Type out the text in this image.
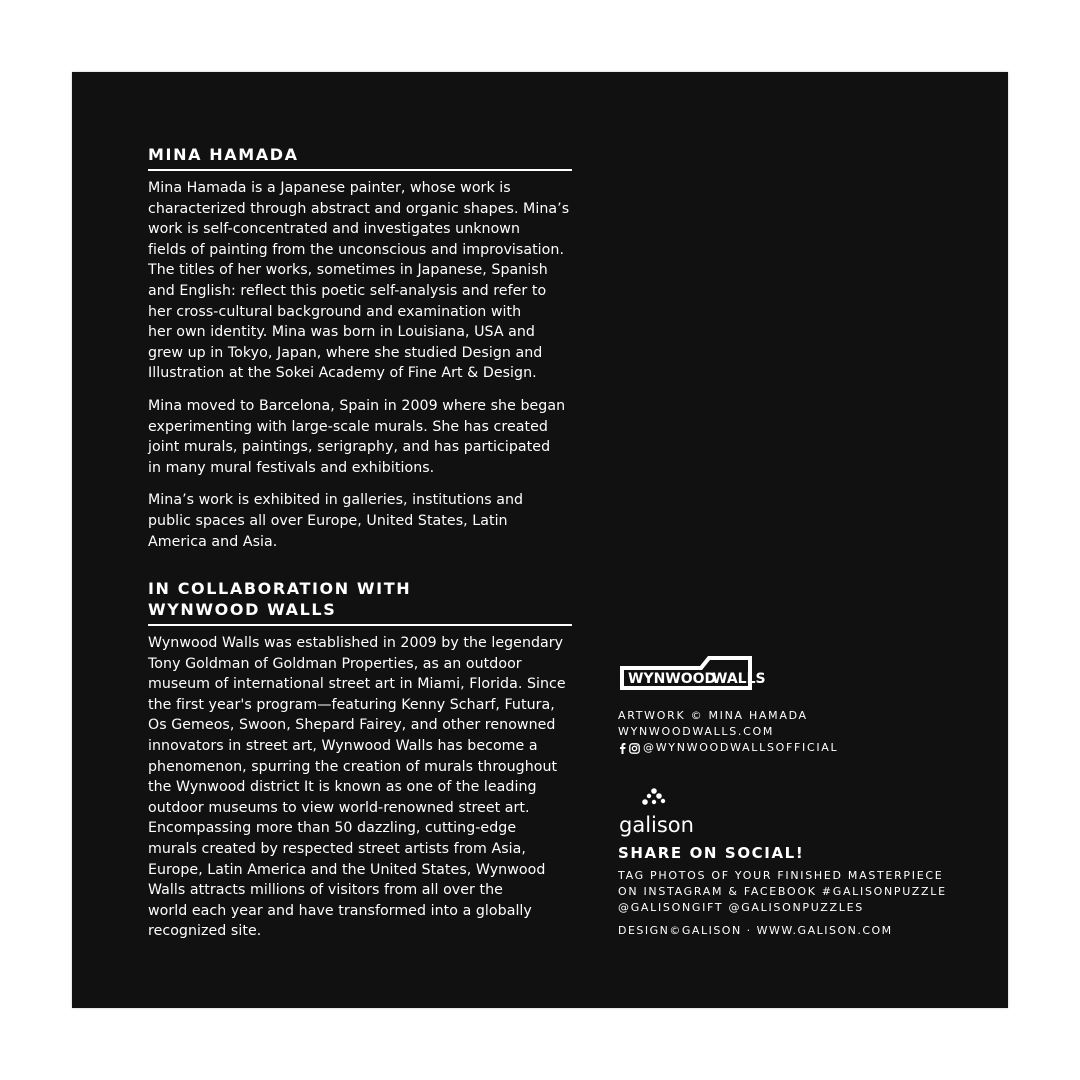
MINA HAMADA
Mina Hamada is a Japanese painter, whose work is
characterized through abstract and organic shapes. Mina’s
work is self-concentrated and investigates unknown
fields of painting from the unconscious and improvisation.
The titles of her works, sometimes in Japanese, Spanish
and English: reflect this poetic self-analysis and refer to
her cross-cultural background and examination with
her own identity. Mina was born in Louisiana, USA and
grew up in Tokyo, Japan, where she studied Design and
Illustration at the Sokei Academy of Fine Art & Design.
Mina moved to Barcelona, Spain in 2009 where she began
experimenting with large-scale murals. She has created
joint murals, paintings, serigraphy, and has participated
in many mural festivals and exhibitions.
Mina’s work is exhibited in galleries, institutions and
public spaces all over Europe, United States, Latin
America and Asia.
IN COLLABORATION WITH
WYNWOOD WALLS
Wynwood Walls was established in 2009 by the legendary
Tony Goldman of Goldman Properties, as an outdoor
museum of international street art in Miami, Florida. Since
the first year's program—featuring Kenny Scharf, Futura,
Os Gemeos, Swoon, Shepard Fairey, and other renowned
innovators in street art, Wynwood Walls has become a
phenomenon, spurring the creation of murals throughout
the Wynwood district It is known as one of the leading
outdoor museums to view world-renowned street art.
Encompassing more than 50 dazzling, cutting-edge
murals created by respected street artists from Asia,
Europe, Latin America and the United States, Wynwood
Walls attracts millions of visitors from all over the
world each year and have transformed into a globally
recognized site.
WYNWOOD
WALLS
ARTWORK © MINA HAMADA
WYNWOODWALLS.COM
@WYNWOODWALLSOFFICIAL
galison
SHARE ON SOCIAL!
TAG PHOTOS OF YOUR FINISHED MASTERPIECE
ON INSTAGRAM & FACEBOOK #GALISONPUZZLE
@GALISONGIFT @GALISONPUZZLES
DESIGN©GALISON · WWW.GALISON.COM
